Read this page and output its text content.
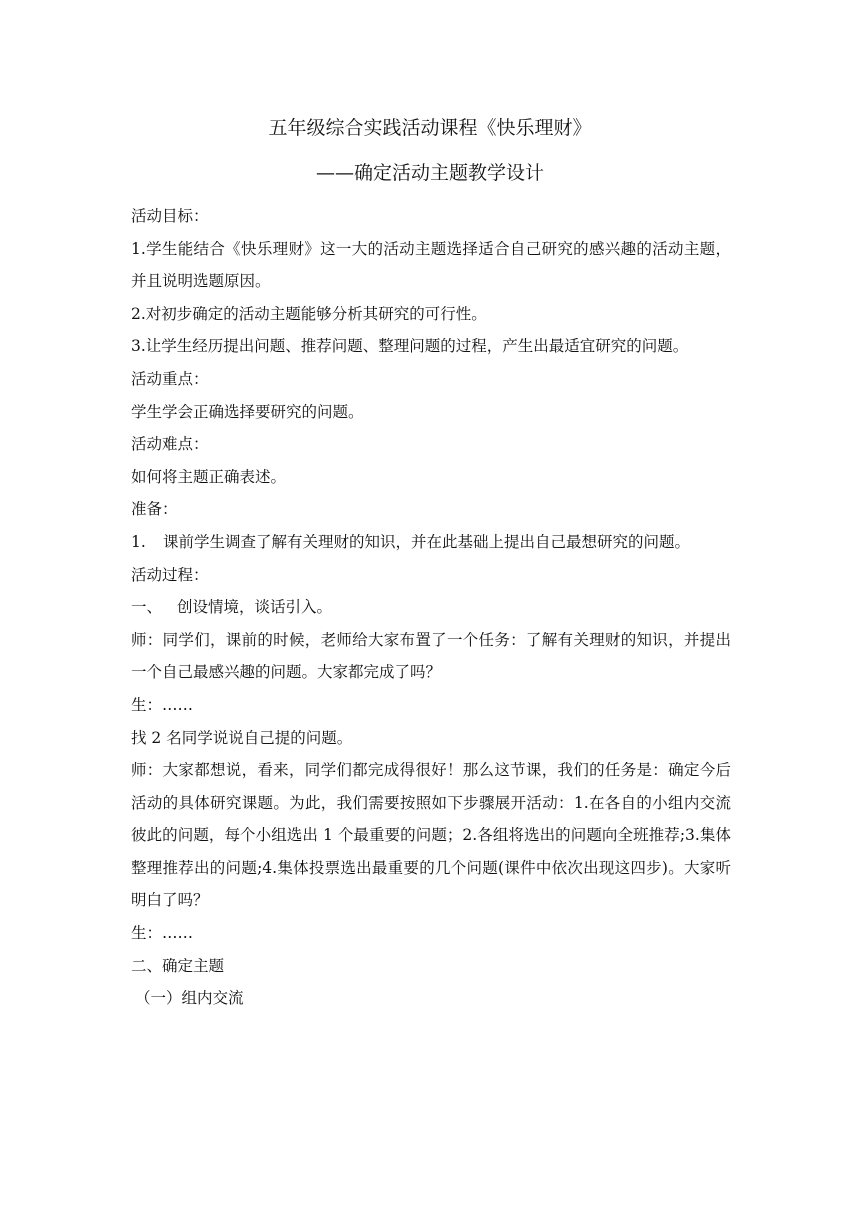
五年级综合实践活动课程《快乐理财》
——确定活动主题教学设计

活动目标：

1.学生能结合《快乐理财》这一大的活动主题选择适合自己研究的感兴趣的活动主题，并且说明选题原因。

2.对初步确定的活动主题能够分析其研究的可行性。

3.让学生经历提出问题、推荐问题、整理问题的过程，产生出最适宜研究的问题。

活动重点：

学生学会正确选择要研究的问题。

活动难点：

如何将主题正确表述。

准备：

1. 课前学生调查了解有关理财的知识，并在此基础上提出自己最想研究的问题。

活动过程：

一、 创设情境，谈话引入。

师：同学们，课前的时候，老师给大家布置了一个任务：了解有关理财的知识，并提出一个自己最感兴趣的问题。大家都完成了吗？

生：……

找 2 名同学说说自己提的问题。

师：大家都想说，看来，同学们都完成得很好！那么这节课，我们的任务是：确定今后活动的具体研究课题。为此，我们需要按照如下步骤展开活动：1.在各自的小组内交流彼此的问题，每个小组选出 1 个最重要的问题；2.各组将选出的问题向全班推荐;3.集体整理推荐出的问题;4.集体投票选出最重要的几个问题(课件中依次出现这四步)。大家听明白了吗？

生：……

二、确定主题

（一）组内交流
